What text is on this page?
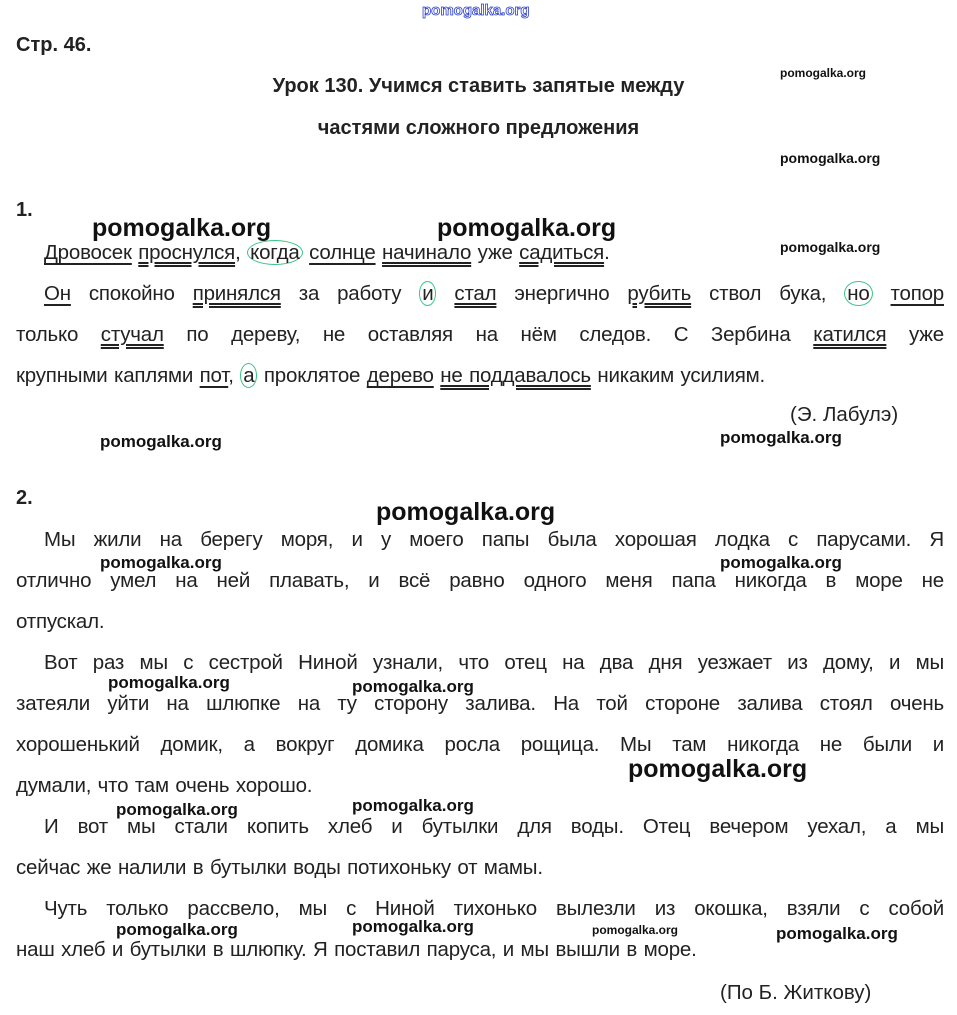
pomogalka.org
Стр. 46.
Урок 130. Учимся ставить запятые между
частями сложного предложения
1.
Дровосек проснулся, когда солнце начинало уже садиться.
Он спокойно принялся за работу и стал энергично рубить ствол бука, но топор
только стучал по дереву, не оставляя на нём следов. С Зербина катился уже
крупными каплями пот, а проклятое дерево не поддавалось никаким усилиям.
(Э. Лабулэ)
2.
Мы жили на берегу моря, и у моего папы была хорошая лодка с парусами. Я
отлично умел на ней плавать, и всё равно одного меня папа никогда в море не
отпускал.
Вот раз мы с сестрой Ниной узнали, что отец на два дня уезжает из дому, и мы
затеяли уйти на шлюпке на ту сторону залива. На той стороне залива стоял очень
хорошенький домик, а вокруг домика росла рощица. Мы там никогда не были и
думали, что там очень хорошо.
И вот мы стали копить хлеб и бутылки для воды. Отец вечером уехал, а мы
сейчас же налили в бутылки воды потихоньку от мамы.
Чуть только рассвело, мы с Ниной тихонько вылезли из окошка, взяли с собой
наш хлеб и бутылки в шлюпку. Я поставил паруса, и мы вышли в море.
(По Б. Житкову)
pomogalka.org
pomogalka.org
pomogalka.org
pomogalka.org	pomogalka.org
pomogalka.org	pomogalka.org
pomogalka.org
pomogalka.org	pomogalka.org
pomogalka.org	pomogalka.org
pomogalka.org
pomogalka.org	pomogalka.org
pomogalka.org	pomogalka.org	pomogalka.org	pomogalka.org
